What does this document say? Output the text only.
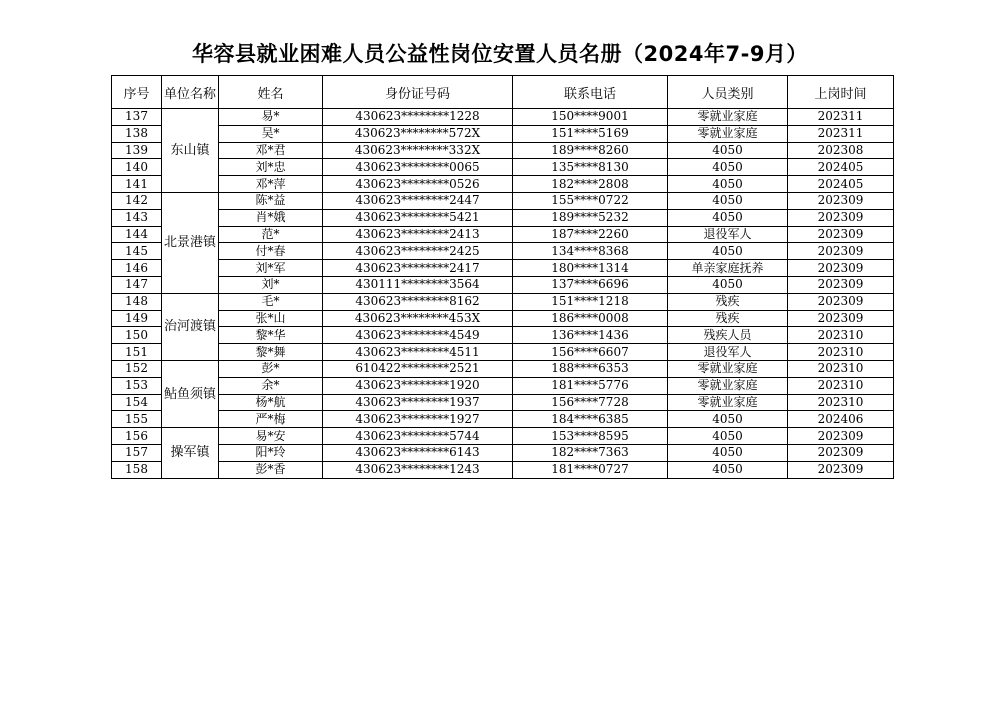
华容县就业困难人员公益性岗位安置人员名册（2024年7-9月）
序号	单位名称	姓名	身份证号码	联系电话	人员类别	上岗时间
137	东山镇	易*	430623********1228	150****9001	零就业家庭	202311
138		吴*	430623********572X	151****5169	零就业家庭	202311
139		邓*君	430623********332X	189****8260	4050	202308
140		刘*忠	430623********0065	135****8130	4050	202405
141		邓*萍	430623********0526	182****2808	4050	202405
142	北景港镇	陈*益	430623********2447	155****0722	4050	202309
143		肖*娥	430623********5421	189****5232	4050	202309
144		范*	430623********2413	187****2260	退役军人	202309
145		付*春	430623********2425	134****8368	4050	202309
146		刘*军	430623********2417	180****1314	单亲家庭抚养	202309
147		刘*	430111********3564	137****6696	4050	202309
148	治河渡镇	毛*	430623********8162	151****1218	残疾	202309
149		张*山	430623********453X	186****0008	残疾	202309
150		黎*华	430623********4549	136****1436	残疾人员	202310
151		黎*舞	430623********4511	156****6607	退役军人	202310
152	鲇鱼须镇	彭*	610422********2521	188****6353	零就业家庭	202310
153		余*	430623********1920	181****5776	零就业家庭	202310
154		杨*航	430623********1937	156****7728	零就业家庭	202310
155		严*梅	430623********1927	184****6385	4050	202406
156	操军镇	易*安	430623********5744	153****8595	4050	202309
157		阳*玲	430623********6143	182****7363	4050	202309
158		彭*香	430623********1243	181****0727	4050	202309
